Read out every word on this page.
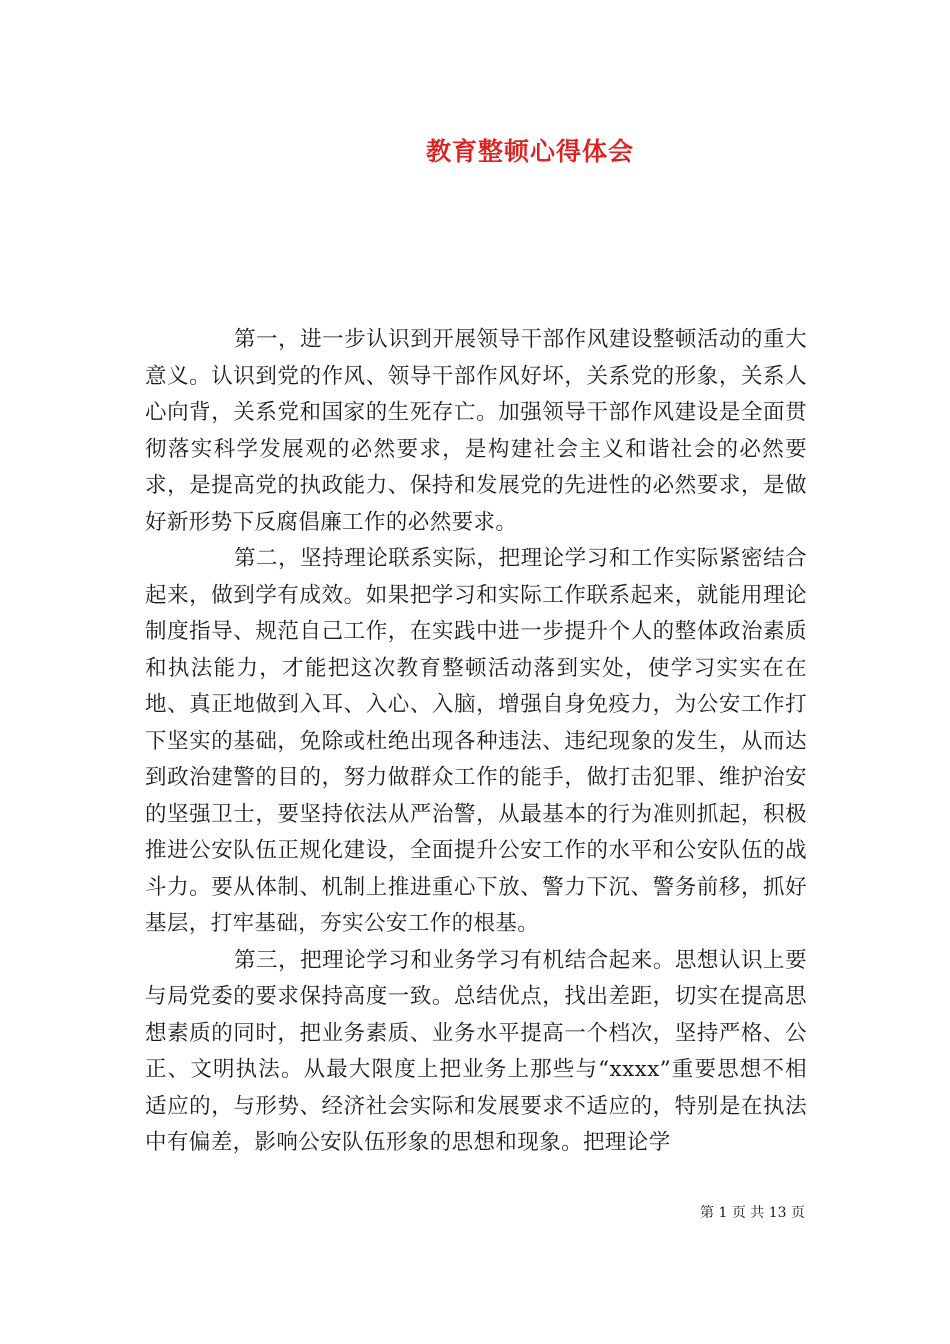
教育整顿心得体会

第一，进一步认识到开展领导干部作风建设整顿活动的重大意义。认识到党的作风、领导干部作风好坏，关系党的形象，关系人心向背，关系党和国家的生死存亡。加强领导干部作风建设是全面贯彻落实科学发展观的必然要求，是构建社会主义和谐社会的必然要求，是提高党的执政能力、保持和发展党的先进性的必然要求，是做好新形势下反腐倡廉工作的必然要求。

第二，坚持理论联系实际，把理论学习和工作实际紧密结合起来，做到学有成效。如果把学习和实际工作联系起来，就能用理论制度指导、规范自己工作，在实践中进一步提升个人的整体政治素质和执法能力，才能把这次教育整顿活动落到实处，使学习实实在在地、真正地做到入耳、入心、入脑，增强自身免疫力，为公安工作打下坚实的基础，免除或杜绝出现各种违法、违纪现象的发生，从而达到政治建警的目的，努力做群众工作的能手，做打击犯罪、维护治安的坚强卫士，要坚持依法从严治警，从最基本的行为准则抓起，积极推进公安队伍正规化建设，全面提升公安工作的水平和公安队伍的战斗力。要从体制、机制上推进重心下放、警力下沉、警务前移，抓好基层，打牢基础，夯实公安工作的根基。

第三，把理论学习和业务学习有机结合起来。思想认识上要与局党委的要求保持高度一致。总结优点，找出差距，切实在提高思想素质的同时，把业务素质、业务水平提高一个档次，坚持严格、公正、文明执法。从最大限度上把业务上那些与“xxxx”重要思想不相适应的，与形势、经济社会实际和发展要求不适应的，特别是在执法中有偏差，影响公安队伍形象的思想和现象。把理论学

第 1 页 共 13 页
